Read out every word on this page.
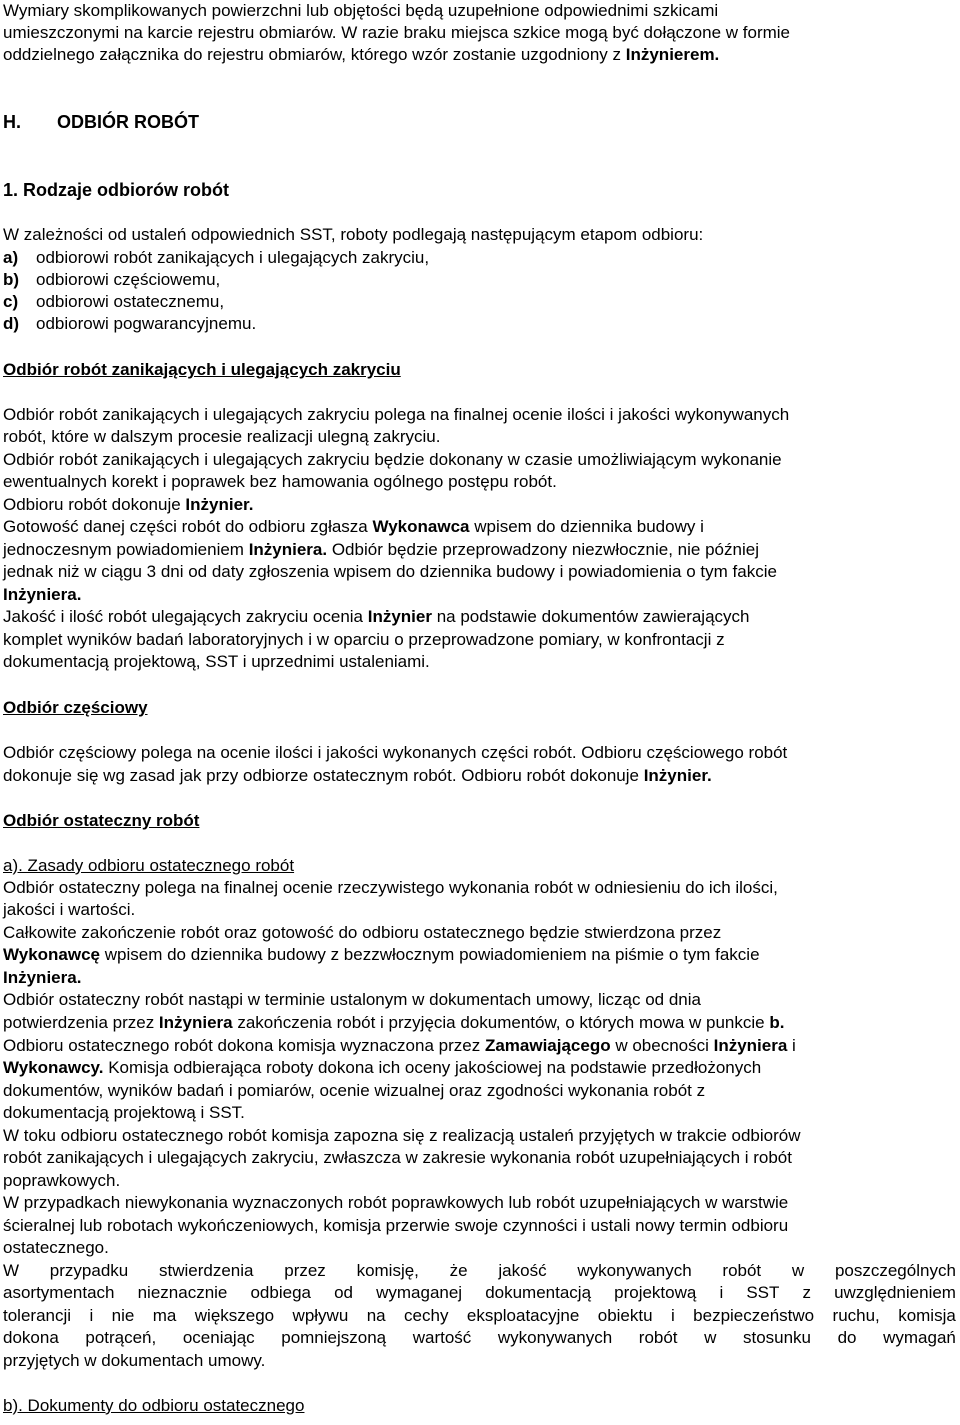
Wymiary skomplikowanych powierzchni lub objętości będą uzupełnione odpowiednimi szkicami
umieszczonymi na karcie rejestru obmiarów. W razie braku miejsca szkice mogą być dołączone w formie
oddzielnego załącznika do rejestru obmiarów, którego wzór zostanie uzgodniony z Inżynierem.
H. ODBIÓR ROBÓT
1. Rodzaje odbiorów robót
W zależności od ustaleń odpowiednich SST, roboty podlegają następującym etapom odbioru:
a) odbiorowi robót zanikających i ulegających zakryciu,
b) odbiorowi częściowemu,
c) odbiorowi ostatecznemu,
d) odbiorowi pogwarancyjnemu.
Odbiór robót zanikających i ulegających zakryciu
Odbiór robót zanikających i ulegających zakryciu polega na finalnej ocenie ilości i jakości wykonywanych
robót, które w dalszym procesie realizacji ulegną zakryciu.
Odbiór robót zanikających i ulegających zakryciu będzie dokonany w czasie umożliwiającym wykonanie
ewentualnych korekt i poprawek bez hamowania ogólnego postępu robót.
Odbioru robót dokonuje Inżynier.
Gotowość danej części robót do odbioru zgłasza Wykonawca wpisem do dziennika budowy i
jednoczesnym powiadomieniem Inżyniera. Odbiór będzie przeprowadzony niezwłocznie, nie później
jednak niż w ciągu 3 dni od daty zgłoszenia wpisem do dziennika budowy i powiadomienia o tym fakcie
Inżyniera.
Jakość i ilość robót ulegających zakryciu ocenia Inżynier na podstawie dokumentów zawierających
komplet wyników badań laboratoryjnych i w oparciu o przeprowadzone pomiary, w konfrontacji z
dokumentacją projektową, SST i uprzednimi ustaleniami.
Odbiór częściowy
Odbiór częściowy polega na ocenie ilości i jakości wykonanych części robót. Odbioru częściowego robót
dokonuje się wg zasad jak przy odbiorze ostatecznym robót. Odbioru robót dokonuje Inżynier.
Odbiór ostateczny robót
a). Zasady odbioru ostatecznego robót
Odbiór ostateczny polega na finalnej ocenie rzeczywistego wykonania robót w odniesieniu do ich ilości,
jakości i wartości.
Całkowite zakończenie robót oraz gotowość do odbioru ostatecznego będzie stwierdzona przez
Wykonawcę wpisem do dziennika budowy z bezzwłocznym powiadomieniem na piśmie o tym fakcie
Inżyniera.
Odbiór ostateczny robót nastąpi w terminie ustalonym w dokumentach umowy, licząc od dnia
potwierdzenia przez Inżyniera zakończenia robót i przyjęcia dokumentów, o których mowa w punkcie b.
Odbioru ostatecznego robót dokona komisja wyznaczona przez Zamawiającego w obecności Inżyniera i
Wykonawcy. Komisja odbierająca roboty dokona ich oceny jakościowej na podstawie przedłożonych
dokumentów, wyników badań i pomiarów, ocenie wizualnej oraz zgodności wykonania robót z
dokumentacją projektową i SST.
W toku odbioru ostatecznego robót komisja zapozna się z realizacją ustaleń przyjętych w trakcie odbiorów
robót zanikających i ulegających zakryciu, zwłaszcza w zakresie wykonania robót uzupełniających i robót
poprawkowych.
W przypadkach niewykonania wyznaczonych robót poprawkowych lub robót uzupełniających w warstwie
ścieralnej lub robotach wykończeniowych, komisja przerwie swoje czynności i ustali nowy termin odbioru
ostatecznego.
W przypadku stwierdzenia przez komisję, że jakość wykonywanych robót w poszczególnych
asortymentach nieznacznie odbiega od wymaganej dokumentacją projektową i SST z uwzględnieniem
tolerancji i nie ma większego wpływu na cechy eksploatacyjne obiektu i bezpieczeństwo ruchu, komisja
dokona potrąceń, oceniając pomniejszoną wartość wykonywanych robót w stosunku do wymagań
przyjętych w dokumentach umowy.
b). Dokumenty do odbioru ostatecznego
